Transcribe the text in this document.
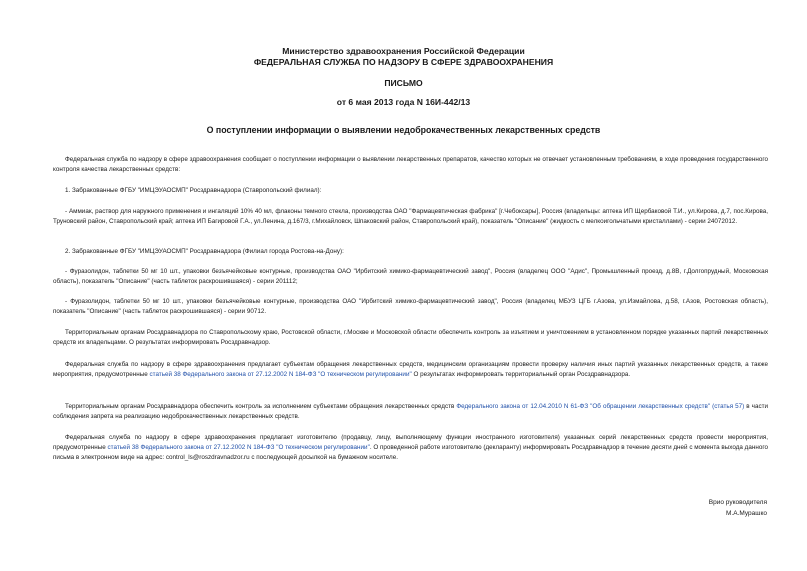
Министерство здравоохранения Российской Федерации
ФЕДЕРАЛЬНАЯ СЛУЖБА ПО НАДЗОРУ В СФЕРЕ ЗДРАВООХРАНЕНИЯ
ПИСЬМО
от 6 мая 2013 года N 16И-442/13
О поступлении информации о выявлении недоброкачественных лекарственных средств

Федеральная служба по надзору в сфере здравоохранения сообщает о поступлении информации о выявлении лекарственных препаратов, качество которых не отвечает установленным требованиям, в ходе проведения государственного контроля качества лекарственных средств:

1. Забракованные ФГБУ "ИМЦЭУАОСМП" Росздравнадзора (Ставропольский филиал):

- Аммиак, раствор для наружного применения и ингаляций 10% 40 мл, флаконы темного стекла, производства ОАО "Фармацевтическая фабрика" [г.Чебоксары], Россия (владельцы: аптека ИП Щербаковой Т.И., ул.Кирова, д.7, пос.Кирова, Труновский район, Ставропольский край; аптека ИП Багировой Г.А., ул.Ленина, д.167/3, г.Михайловск, Шпаковский район, Ставропольский край), показатель "Описание" (жидкость с мелкоигольчатыми кристаллами) - серии 24072012.

2. Забракованные ФГБУ "ИМЦЭУАОСМП" Росздравнадзора (Филиал города Ростова-на-Дону):

- Фуразолидон, таблетки 50 мг 10 шт., упаковки безъячейковые контурные, производства ОАО "Ирбитский химико-фармацевтический завод", Россия (владелец ООО "Адис", Промышленный проезд, д.8В, г.Долгопрудный, Московская область), показатель "Описание" (часть таблеток раскрошившаяся) - серии 201112;

- Фуразолидон, таблетки 50 мг 10 шт., упаковки безъячейковые контурные, производства ОАО "Ирбитский химико-фармацевтический завод", Россия (владелец МБУЗ ЦГБ г.Азова, ул.Измайлова, д.58, г.Азов, Ростовская область), показатель "Описание" (часть таблеток раскрошившаяся) - серии 90712.

Территориальным органам Росздравнадзора по Ставропольскому краю, Ростовской области, г.Москве и Московской области обеспечить контроль за изъятием и уничтожением в установленном порядке указанных партий лекарственных средств их владельцами. О результатах информировать Росздравнадзор.

Федеральная служба по надзору в сфере здравоохранения предлагает субъектам обращения лекарственных средств, медицинским организациям провести проверку наличия иных партий указанных лекарственных средств, а также мероприятия, предусмотренные статьей 38 Федерального закона от 27.12.2002 N 184-ФЗ "О техническом регулировании" О результатах информировать территориальный орган Росздравнадзора.

Территориальным органам Росздравнадзора обеспечить контроль за исполнением субъектами обращения лекарственных средств Федерального закона от 12.04.2010 N 61-ФЗ "Об обращении лекарственных средств" (статья 57) в части соблюдения запрета на реализацию недоброкачественных лекарственных средств.

Федеральная служба по надзору в сфере здравоохранения предлагает изготовителю (продавцу, лицу, выполняющему функции иностранного изготовителя) указанных серий лекарственных средств провести мероприятия, предусмотренные статьей 38 Федерального закона от 27.12.2002 N 184-ФЗ "О техническом регулировании". О проведенной работе изготовителю (декларанту) информировать Росздравнадзор в течение десяти дней с момента выхода данного письма в электронном виде на адрес: control_ls@roszdravnadzor.ru с последующей досылкой на бумажном носителе.

Врио руководителя
М.А.Мурашко
